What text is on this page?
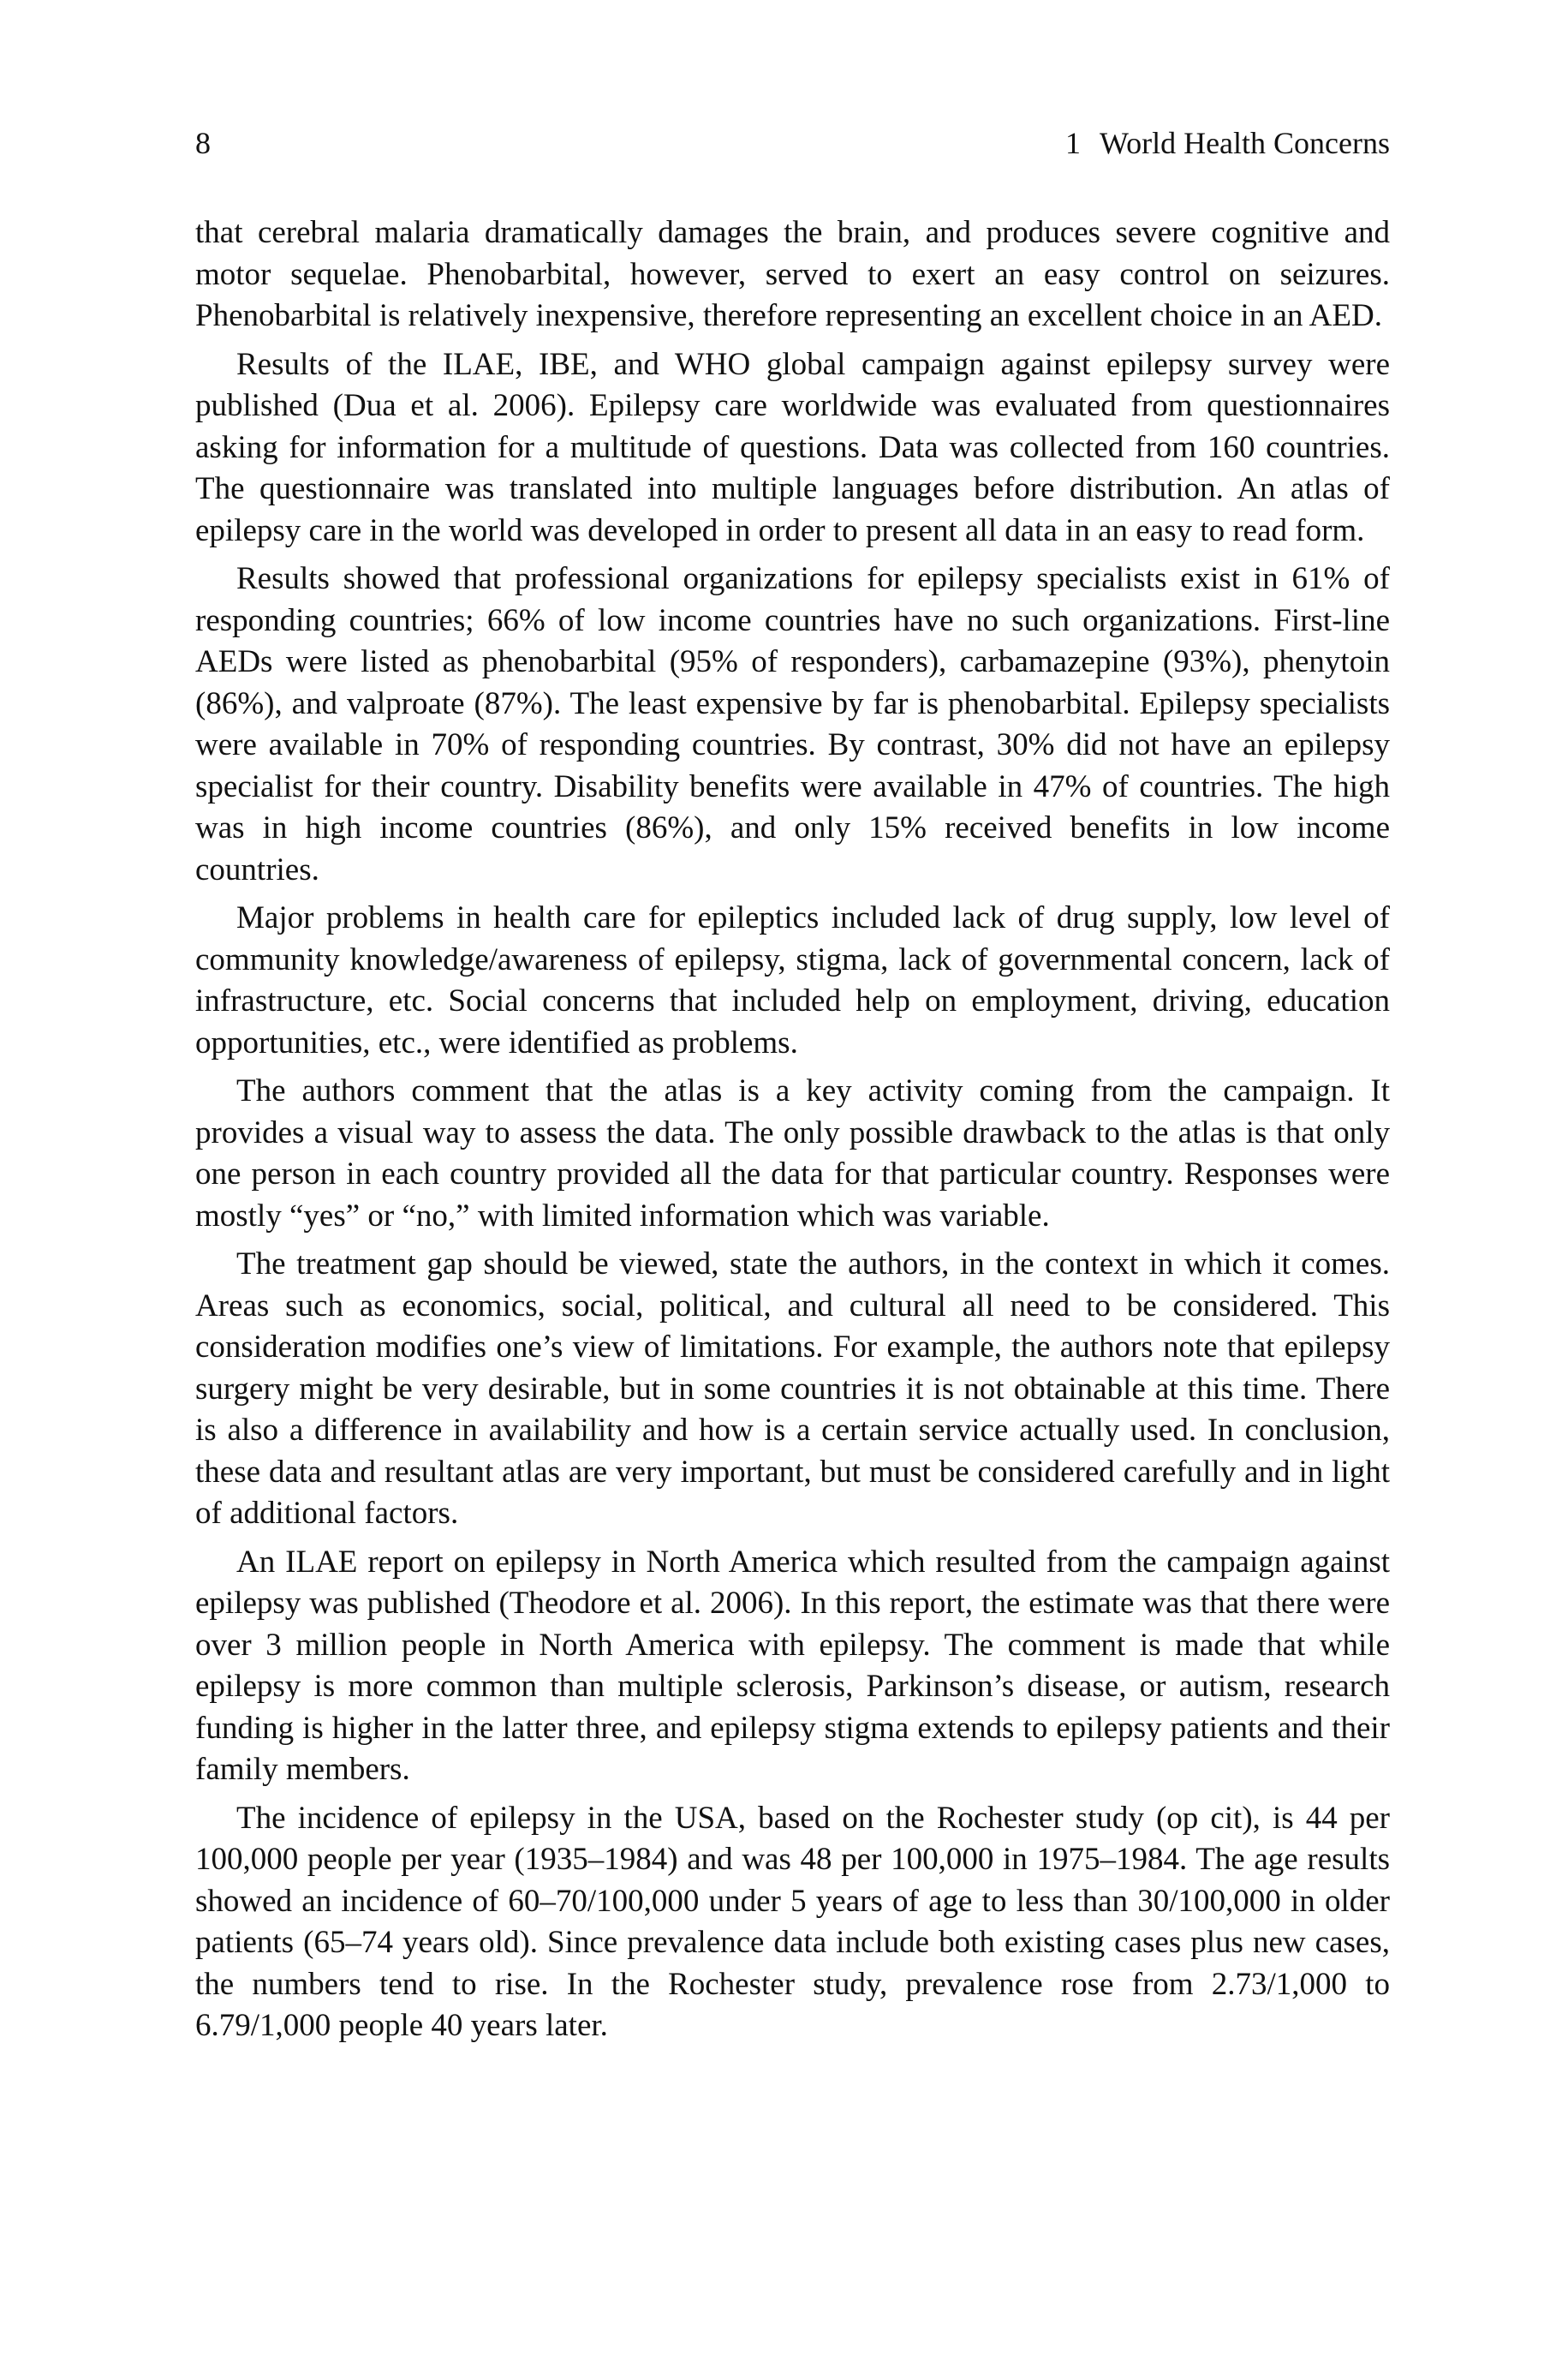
8	1 World Health Concerns

that cerebral malaria dramatically damages the brain, and produces severe cognitive and motor sequelae. Phenobarbital, however, served to exert an easy control on seizures. Phenobarbital is relatively inexpensive, therefore representing an excellent choice in an AED.

Results of the ILAE, IBE, and WHO global campaign against epilepsy survey were published (Dua et al. 2006). Epilepsy care worldwide was evaluated from questionnaires asking for information for a multitude of questions. Data was collected from 160 countries. The questionnaire was translated into multiple languages before distribution. An atlas of epilepsy care in the world was developed in order to present all data in an easy to read form.

Results showed that professional organizations for epilepsy specialists exist in 61% of responding countries; 66% of low income countries have no such organizations. First-line AEDs were listed as phenobarbital (95% of responders), carbamazepine (93%), phenytoin (86%), and valproate (87%). The least expensive by far is phenobarbital. Epilepsy specialists were available in 70% of responding countries. By contrast, 30% did not have an epilepsy specialist for their country. Disability benefits were available in 47% of countries. The high was in high income countries (86%), and only 15% received benefits in low income countries.

Major problems in health care for epileptics included lack of drug supply, low level of community knowledge/awareness of epilepsy, stigma, lack of governmental concern, lack of infrastructure, etc. Social concerns that included help on employment, driving, education opportunities, etc., were identified as problems.

The authors comment that the atlas is a key activity coming from the campaign. It provides a visual way to assess the data. The only possible drawback to the atlas is that only one person in each country provided all the data for that particular country. Responses were mostly “yes” or “no,” with limited information which was variable.

The treatment gap should be viewed, state the authors, in the context in which it comes. Areas such as economics, social, political, and cultural all need to be considered. This consideration modifies one’s view of limitations. For example, the authors note that epilepsy surgery might be very desirable, but in some countries it is not obtainable at this time. There is also a difference in availability and how is a certain service actually used. In conclusion, these data and resultant atlas are very important, but must be considered carefully and in light of additional factors.

An ILAE report on epilepsy in North America which resulted from the campaign against epilepsy was published (Theodore et al. 2006). In this report, the estimate was that there were over 3 million people in North America with epilepsy. The comment is made that while epilepsy is more common than multiple sclerosis, Parkinson’s disease, or autism, research funding is higher in the latter three, and epilepsy stigma extends to epilepsy patients and their family members.

The incidence of epilepsy in the USA, based on the Rochester study (op cit), is 44 per 100,000 people per year (1935–1984) and was 48 per 100,000 in 1975–1984. The age results showed an incidence of 60–70/100,000 under 5 years of age to less than 30/100,000 in older patients (65–74 years old). Since prevalence data include both existing cases plus new cases, the numbers tend to rise. In the Rochester study, prevalence rose from 2.73/1,000 to 6.79/1,000 people 40 years later.
